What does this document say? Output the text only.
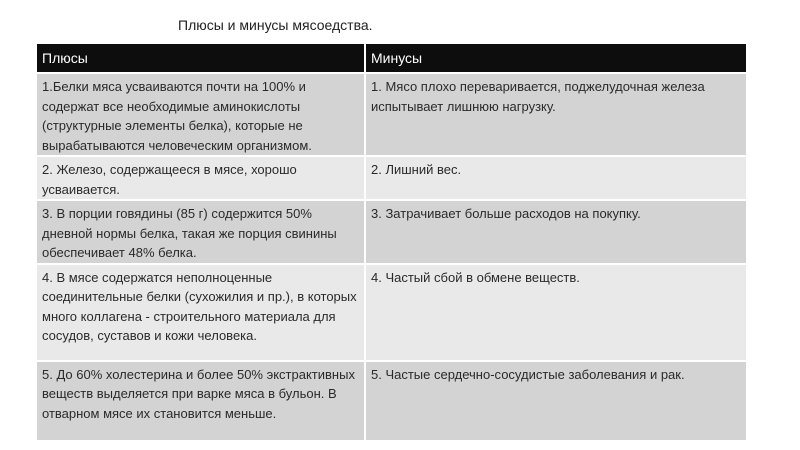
Плюсы и минусы мясоедства.
Плюсы	Минусы
1.Белки мяса усваиваются почти на 100% и содержат все необходимые аминокислоты (структурные элементы белка), которые не вырабатываются человеческим организмом.	1. Мясо плохо переваривается, поджелудочная железа испытывает лишнюю нагрузку.
2. Железо, содержащееся в мясе, хорошо усваивается.	2. Лишний вес.
3. В порции говядины (85 г) содержится 50% дневной нормы белка, такая же порция свинины обеспечивает 48% белка.	3. Затрачивает больше расходов на покупку.
4. В мясе содержатся неполноценные соединительные белки (сухожилия и пр.), в которых много коллагена - строительного материала для сосудов, суставов и кожи человека.	4. Частый сбой в обмене веществ.
5. До 60% холестерина и более 50% экстрактивных веществ выделяется при варке мяса в бульон. В отварном мясе их становится меньше.	5. Частые сердечно-сосудистые заболевания и рак.
